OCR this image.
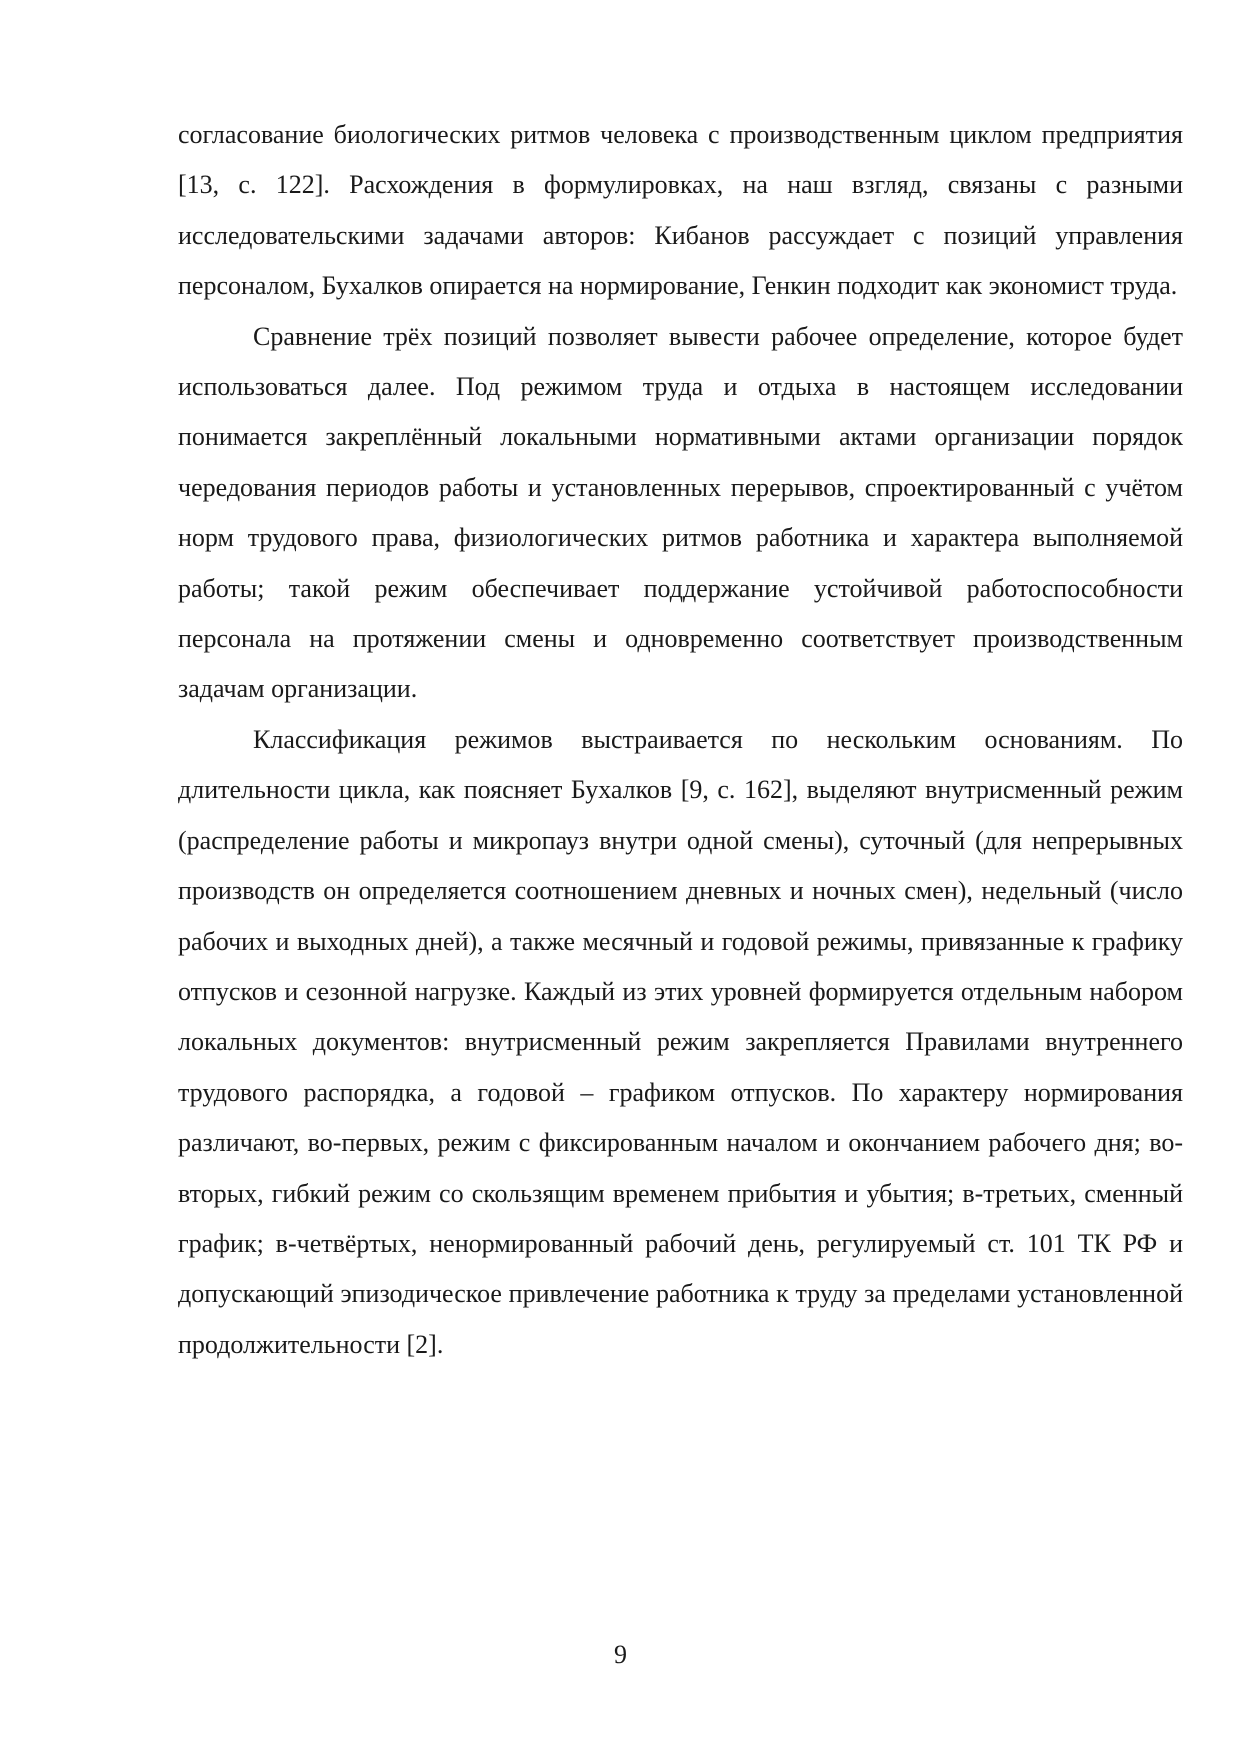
согласование биологических ритмов человека с производственным циклом предприятия [13, с. 122]. Расхождения в формулировках, на наш взгляд, связаны с разными исследовательскими задачами авторов: Кибанов рассуждает с позиций управления персоналом, Бухалков опирается на нормирование, Генкин подходит как экономист труда.

Сравнение трёх позиций позволяет вывести рабочее определение, которое будет использоваться далее. Под режимом труда и отдыха в настоящем исследовании понимается закреплённый локальными нормативными актами организации порядок чередования периодов работы и установленных перерывов, спроектированный с учётом норм трудового права, физиологических ритмов работника и характера выполняемой работы; такой режим обеспечивает поддержание устойчивой работоспособности персонала на протяжении смены и одновременно соответствует производственным задачам организации.

Классификация режимов выстраивается по нескольким основаниям. По длительности цикла, как поясняет Бухалков [9, с. 162], выделяют внутрисменный режим (распределение работы и микропауз внутри одной смены), суточный (для непрерывных производств он определяется соотношением дневных и ночных смен), недельный (число рабочих и выходных дней), а также месячный и годовой режимы, привязанные к графику отпусков и сезонной нагрузке. Каждый из этих уровней формируется отдельным набором локальных документов: внутрисменный режим закрепляется Правилами внутреннего трудового распорядка, а годовой – графиком отпусков. По характеру нормирования различают, во-первых, режим с фиксированным началом и окончанием рабочего дня; во-вторых, гибкий режим со скользящим временем прибытия и убытия; в-третьих, сменный график; в-четвёртых, ненормированный рабочий день, регулируемый ст. 101 ТК РФ и допускающий эпизодическое привлечение работника к труду за пределами установленной продолжительности [2].

9
